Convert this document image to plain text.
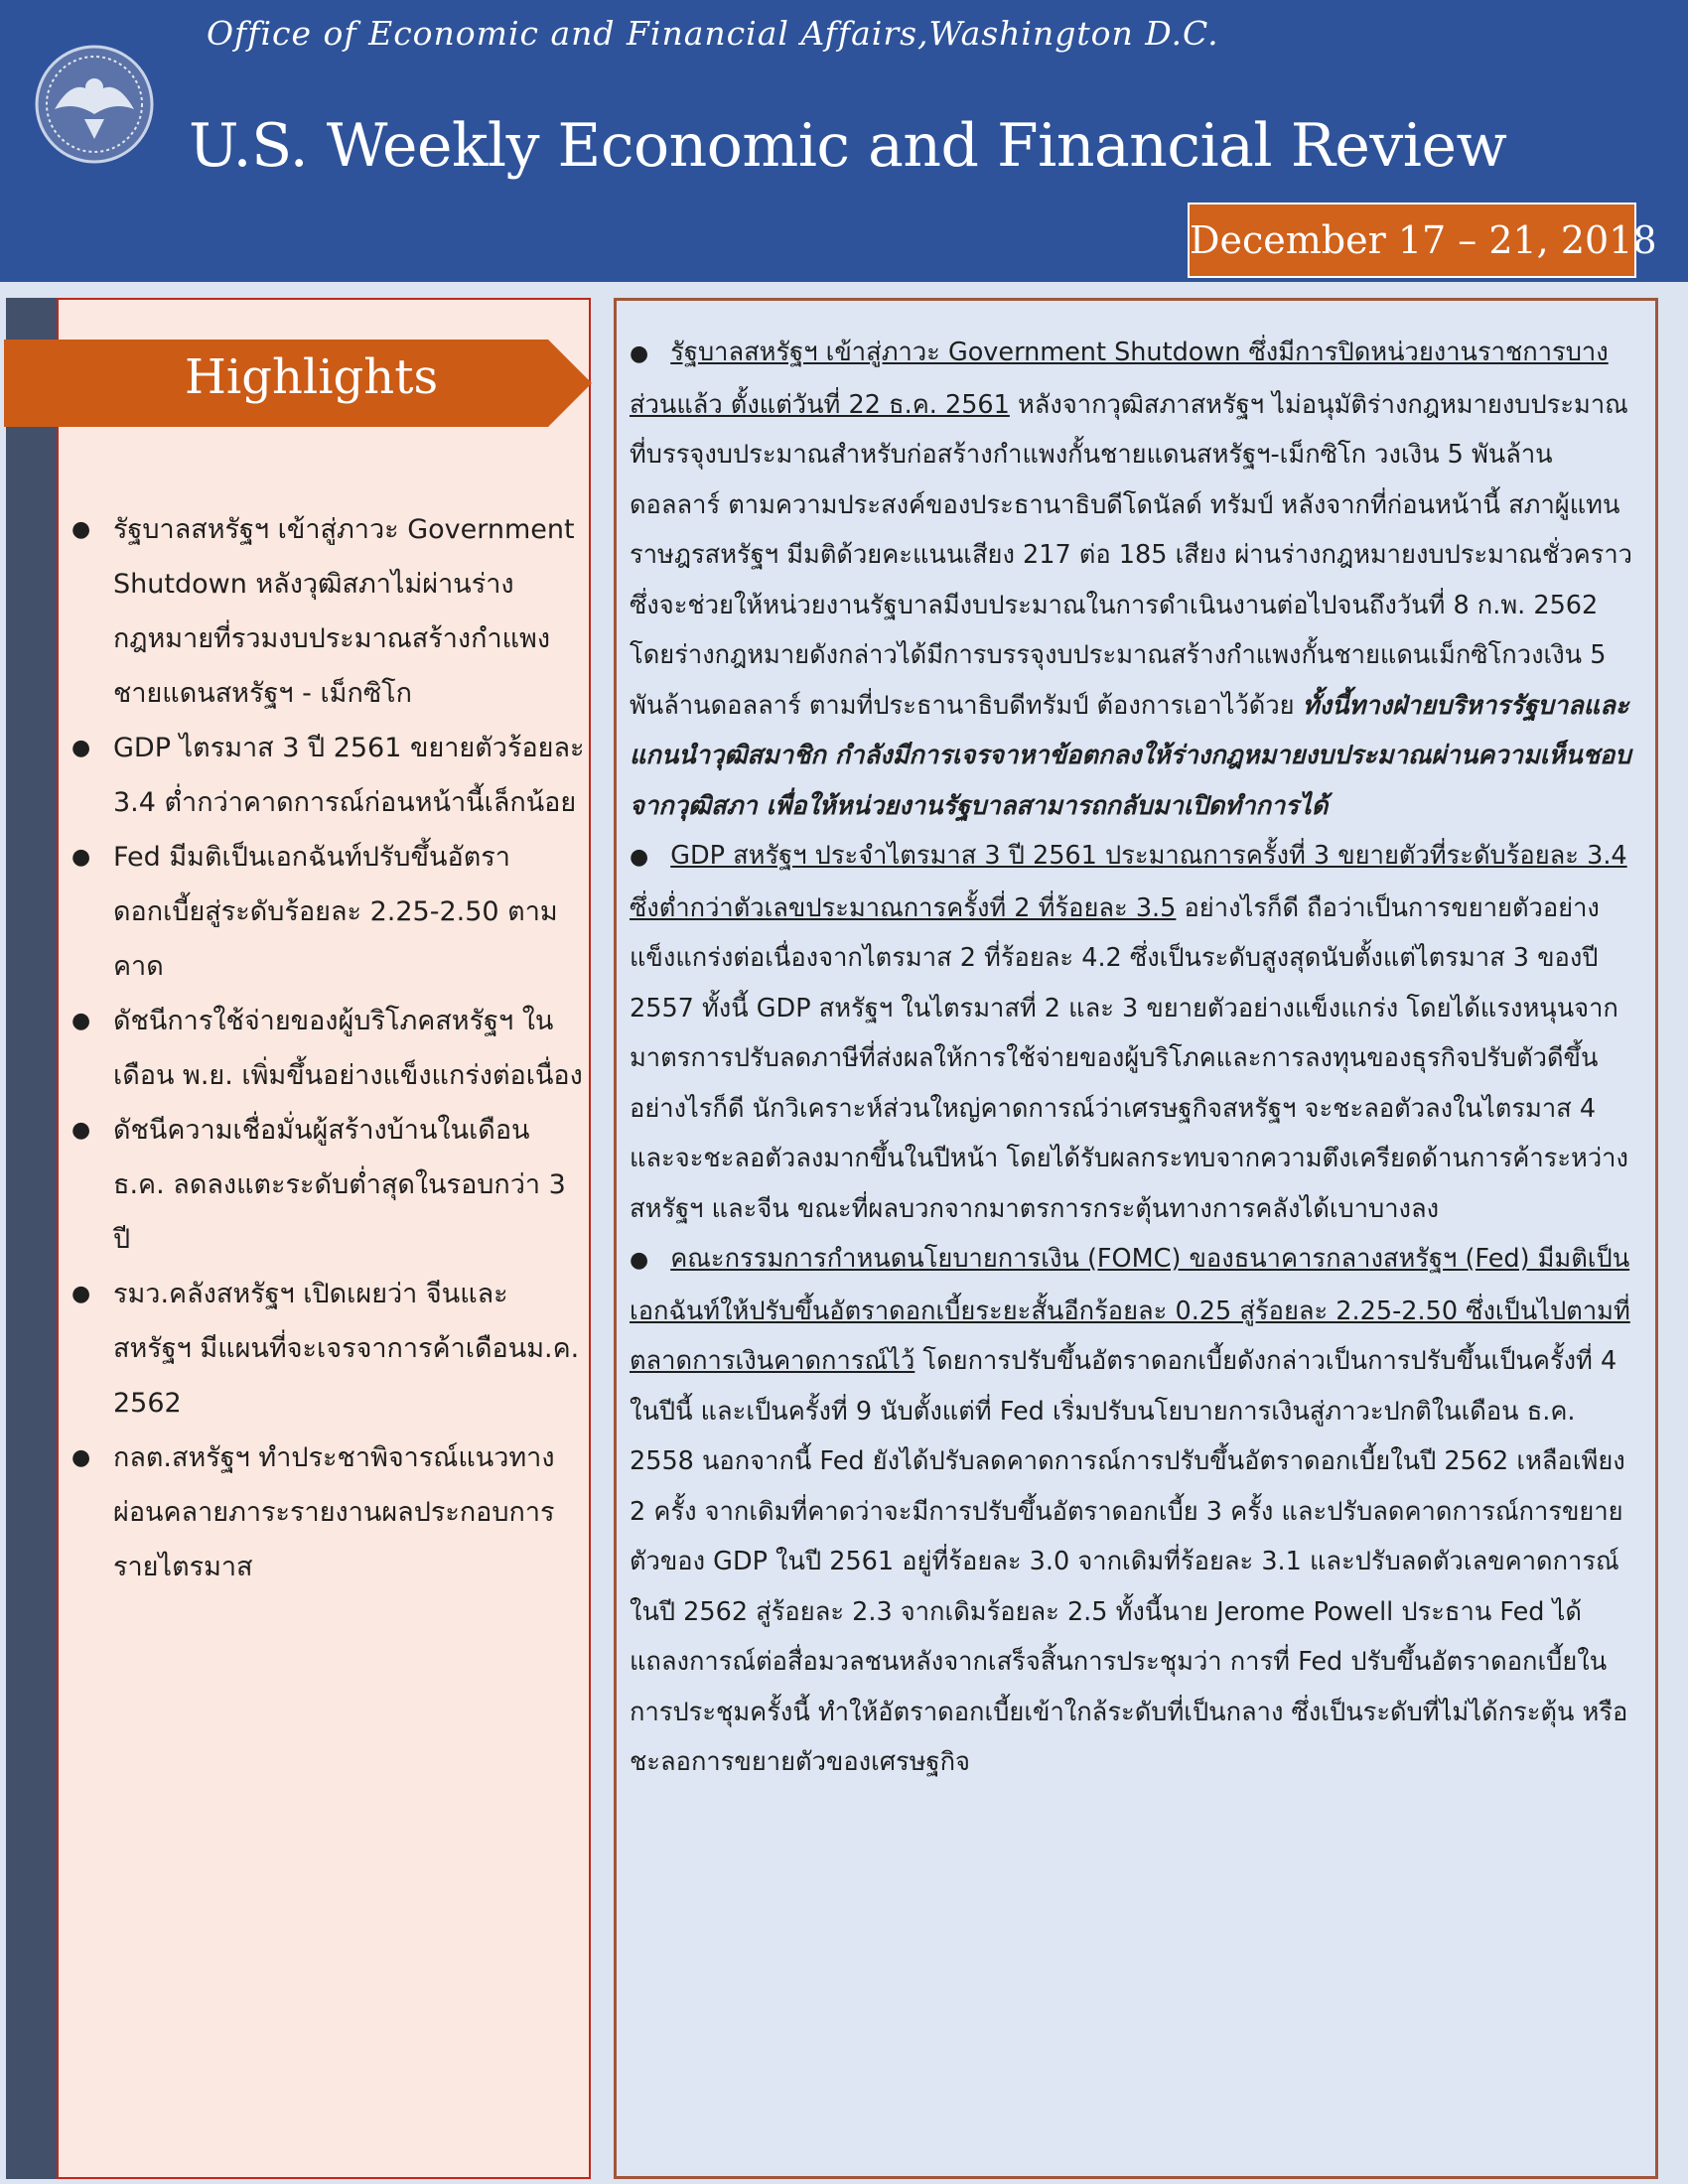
Office of Economic and Financial Affairs,Washington D.C.
U.S. Weekly Economic and Financial Review
December 17 – 21, 2018
Highlights
● รัฐบาลสหรัฐฯ เข้าสู่ภาวะ Government Shutdown หลังวุฒิสภาไม่ผ่านร่างกฎหมายที่รวมงบประมาณสร้างกำแพงชายแดนสหรัฐฯ - เม็กซิโก
● GDP ไตรมาส 3 ปี 2561 ขยายตัวร้อยละ 3.4 ต่ำกว่าคาดการณ์ก่อนหน้านี้เล็กน้อย
● Fed มีมติเป็นเอกฉันท์ปรับขึ้นอัตราดอกเบี้ยสู่ระดับร้อยละ 2.25-2.50 ตามคาด
● ดัชนีการใช้จ่ายของผู้บริโภคสหรัฐฯ ในเดือน พ.ย. เพิ่มขึ้นอย่างแข็งแกร่งต่อเนื่อง
● ดัชนีความเชื่อมั่นผู้สร้างบ้านในเดือน ธ.ค. ลดลงแตะระดับต่ำสุดในรอบกว่า 3 ปี
● รมว.คลังสหรัฐฯ เปิดเผยว่า จีนและสหรัฐฯ มีแผนที่จะเจรจาการค้าเดือนม.ค. 2562
● กลต.สหรัฐฯ ทำประชาพิจารณ์แนวทางผ่อนคลายภาระรายงานผลประกอบการรายไตรมาส

● รัฐบาลสหรัฐฯ เข้าสู่ภาวะ Government Shutdown ซึ่งมีการปิดหน่วยงานราชการบางส่วนแล้ว ตั้งแต่วันที่ 22 ธ.ค. 2561 หลังจากวุฒิสภาสหรัฐฯ ไม่อนุมัติร่างกฎหมายงบประมาณ ที่บรรจุงบประมาณสำหรับก่อสร้างกำแพงกั้นชายแดนสหรัฐฯ-เม็กซิโก วงเงิน 5 พันล้านดอลลาร์ ตามความประสงค์ของประธานาธิบดีโดนัลด์ ทรัมป์ หลังจากที่ก่อนหน้านี้ สภาผู้แทนราษฎรสหรัฐฯ มีมติด้วยคะแนนเสียง 217 ต่อ 185 เสียง ผ่านร่างกฎหมายงบประมาณชั่วคราวซึ่งจะช่วยให้หน่วยงานรัฐบาลมีงบประมาณในการดำเนินงานต่อไปจนถึงวันที่ 8 ก.พ. 2562 โดยร่างกฎหมายดังกล่าวได้มีการบรรจุงบประมาณสร้างกำแพงกั้นชายแดนเม็กซิโกวงเงิน 5 พันล้านดอลลาร์ ตามที่ประธานาธิบดีทรัมป์ ต้องการเอาไว้ด้วย ทั้งนี้ทางฝ่ายบริหารรัฐบาลและแกนนำวุฒิสมาชิก กำลังมีการเจรจาหาข้อตกลงให้ร่างกฎหมายงบประมาณผ่านความเห็นชอบจากวุฒิสภา เพื่อให้หน่วยงานรัฐบาลสามารถกลับมาเปิดทำการได้

● GDP สหรัฐฯ ประจำไตรมาส 3 ปี 2561 ประมาณการครั้งที่ 3 ขยายตัวที่ระดับร้อยละ 3.4 ซึ่งต่ำกว่าตัวเลขประมาณการครั้งที่ 2 ที่ร้อยละ 3.5 อย่างไรก็ดี ถือว่าเป็นการขยายตัวอย่างแข็งแกร่งต่อเนื่องจากไตรมาส 2 ที่ร้อยละ 4.2 ซึ่งเป็นระดับสูงสุดนับตั้งแต่ไตรมาส 3 ของปี 2557 ทั้งนี้ GDP สหรัฐฯ ในไตรมาสที่ 2 และ 3 ขยายตัวอย่างแข็งแกร่ง โดยได้แรงหนุนจากมาตรการปรับลดภาษีที่ส่งผลให้การใช้จ่ายของผู้บริโภคและการลงทุนของธุรกิจปรับตัวดีขึ้น อย่างไรก็ดี นักวิเคราะห์ส่วนใหญ่คาดการณ์ว่าเศรษฐกิจสหรัฐฯ จะชะลอตัวลงในไตรมาส 4 และจะชะลอตัวลงมากขึ้นในปีหน้า โดยได้รับผลกระทบจากความตึงเครียดด้านการค้าระหว่างสหรัฐฯ และจีน ขณะที่ผลบวกจากมาตรการกระตุ้นทางการคลังได้เบาบางลง

● คณะกรรมการกำหนดนโยบายการเงิน (FOMC) ของธนาคารกลางสหรัฐฯ (Fed) มีมติเป็นเอกฉันท์ให้ปรับขึ้นอัตราดอกเบี้ยระยะสั้นอีกร้อยละ 0.25 สู่ร้อยละ 2.25-2.50 ซึ่งเป็นไปตามที่ตลาดการเงินคาดการณ์ไว้ โดยการปรับขึ้นอัตราดอกเบี้ยดังกล่าวเป็นการปรับขึ้นเป็นครั้งที่ 4 ในปีนี้ และเป็นครั้งที่ 9 นับตั้งแต่ที่ Fed เริ่มปรับนโยบายการเงินสู่ภาวะปกติในเดือน ธ.ค. 2558 นอกจากนี้ Fed ยังได้ปรับลดคาดการณ์การปรับขึ้นอัตราดอกเบี้ยในปี 2562 เหลือเพียง 2 ครั้ง จากเดิมที่คาดว่าจะมีการปรับขึ้นอัตราดอกเบี้ย 3 ครั้ง และปรับลดคาดการณ์การขยายตัวของ GDP ในปี 2561 อยู่ที่ร้อยละ 3.0 จากเดิมที่ร้อยละ 3.1 และปรับลดตัวเลขคาดการณ์ในปี 2562 สู่ร้อยละ 2.3 จากเดิมร้อยละ 2.5 ทั้งนี้นาย Jerome Powell ประธาน Fed ได้แถลงการณ์ต่อสื่อมวลชนหลังจากเสร็จสิ้นการประชุมว่า การที่ Fed ปรับขึ้นอัตราดอกเบี้ยในการประชุมครั้งนี้ ทำให้อัตราดอกเบี้ยเข้าใกล้ระดับที่เป็นกลาง ซึ่งเป็นระดับที่ไม่ได้กระตุ้น หรือชะลอการขยายตัวของเศรษฐกิจ
